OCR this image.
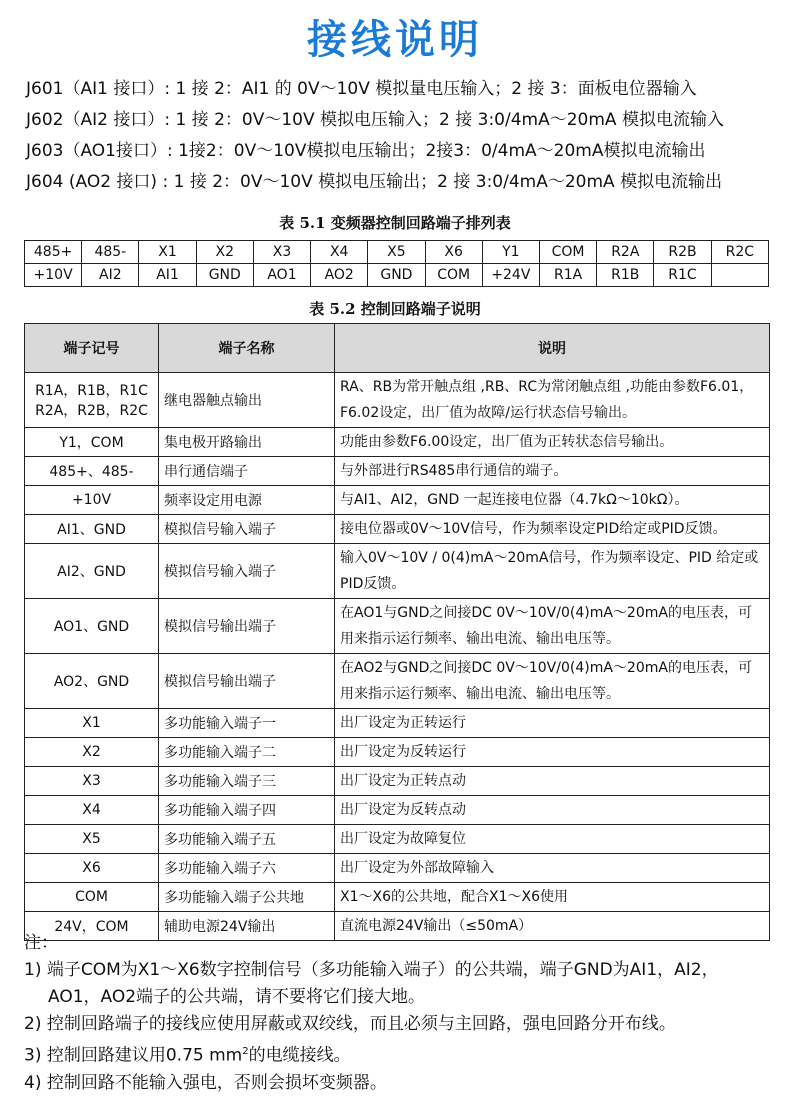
接线说明
J601（AI1 接口）: 1 接 2：AI1 的 0V～10V 模拟量电压输入；2 接 3：面板电位器输入
J602（AI2 接口）: 1 接 2：0V～10V 模拟电压输入；2 接 3:0/4mA～20mA 模拟电流输入
J603（AO1接口）: 1接2：0V～10V模拟电压输出；2接3：0/4mA～20mA模拟电流输出
J604 (AO2 接口) : 1 接 2：0V～10V 模拟电压输出；2 接 3:0/4mA～20mA 模拟电流输出
表 5.1 变频器控制回路端子排列表
485+	485-	X1	X2	X3	X4	X5	X6	Y1	COM	R2A	R2B	R2C
+10V	AI2	AI1	GND	AO1	AO2	GND	COM	+24V	R1A	R1B	R1C	
表 5.2 控制回路端子说明
端子记号	端子名称	说明
R1A，R1B，R1C
R2A，R2B，R2C	继电器触点输出	RA、RB为常开触点组 ,RB、RC为常闭触点组 ,功能由参数F6.01，F6.02设定，出厂值为故障/运行状态信号输出。
Y1，COM	集电极开路输出	功能由参数F6.00设定，出厂值为正转状态信号输出。
485+、485-	串行通信端子	与外部进行RS485串行通信的端子。
+10V	频率设定用电源	与AI1、AI2，GND 一起连接电位器（4.7kΩ～10kΩ）。
AI1、GND	模拟信号输入端子	接电位器或0V～10V信号，作为频率设定PID给定或PID反馈。
AI2、GND	模拟信号输入端子	输入0V～10V / 0(4)mA～20mA信号，作为频率设定、PID 给定或PID反馈。
AO1、GND	模拟信号输出端子	在AO1与GND之间接DC 0V～10V/0(4)mA～20mA的电压表，可用来指示运行频率、输出电流、输出电压等。
AO2、GND	模拟信号输出端子	在AO2与GND之间接DC 0V～10V/0(4)mA～20mA的电压表，可用来指示运行频率、输出电流、输出电压等。
X1	多功能输入端子一	出厂设定为正转运行
X2	多功能输入端子二	出厂设定为反转运行
X3	多功能输入端子三	出厂设定为正转点动
X4	多功能输入端子四	出厂设定为反转点动
X5	多功能输入端子五	出厂设定为故障复位
X6	多功能输入端子六	出厂设定为外部故障输入
COM	多功能输入端子公共地	X1～X6的公共地，配合X1～X6使用
24V，COM	辅助电源24V输出	直流电源24V输出（≤50mA）
注：
1) 端子COM为X1～X6数字控制信号（多功能输入端子）的公共端，端子GND为AI1，AI2，
AO1，AO2端子的公共端，请不要将它们接大地。
2) 控制回路端子的接线应使用屏蔽或双绞线，而且必须与主回路，强电回路分开布线。
3) 控制回路建议用0.75 $mm^2$的电缆接线。
4) 控制回路不能输入强电，否则会损坏变频器。
